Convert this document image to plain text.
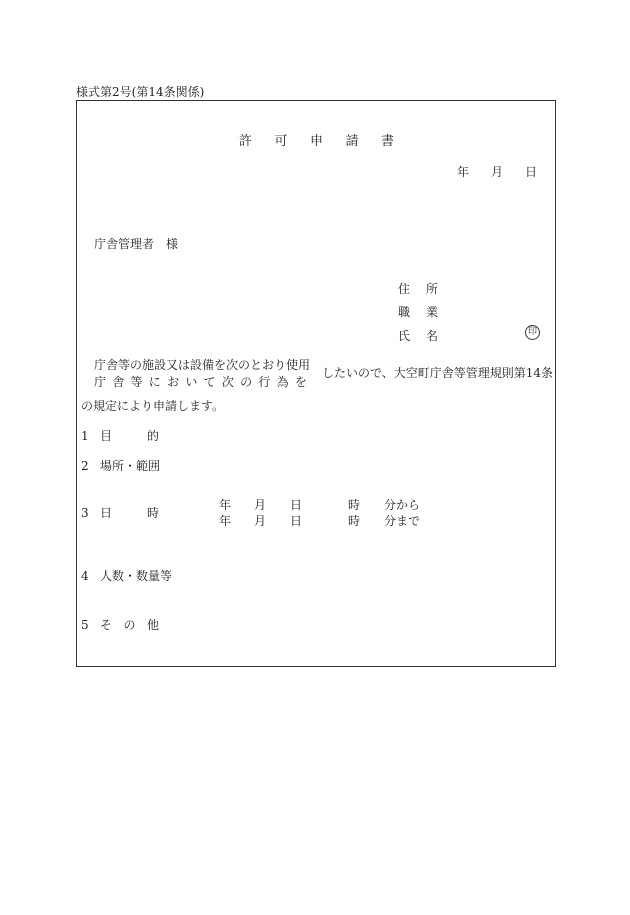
様式第2号(第14条関係)
許 可 申 請 書
年 月 日
庁舎管理者 様
住 所
職 業
氏 名	印
庁舎等の施設又は設備を次のとおり使用
庁 舎 等 に お い て 次 の 行 為 を
したいので、大空町庁舎等管理規則第14条
の規定により申請します。
1 目	的
2 場所・範囲
3 日	時
年 月 日	時 分から
年 月 日	時 分まで
4 人数・数量等
5 そ の 他
